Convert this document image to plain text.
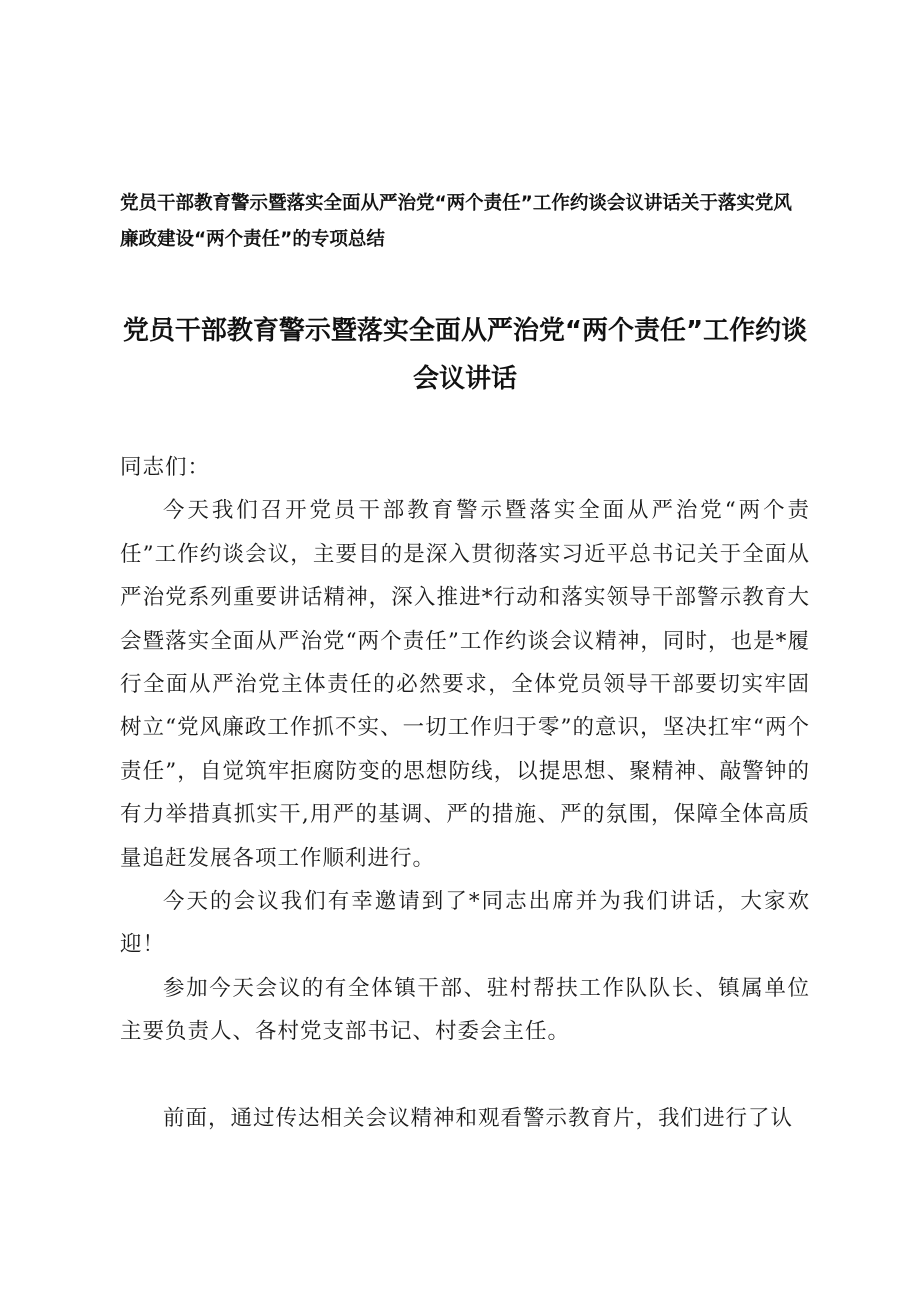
党员干部教育警示暨落实全面从严治党“两个责任”工作约谈会议讲话关于落实党风廉政建设“两个责任”的专项总结
党员干部教育警示暨落实全面从严治党“两个责任”工作约谈会议讲话

同志们：

今天我们召开党员干部教育警示暨落实全面从严治党“两个责任”工作约谈会议，主要目的是深入贯彻落实习近平总书记关于全面从严治党系列重要讲话精神，深入推进*行动和落实领导干部警示教育大会暨落实全面从严治党“两个责任”工作约谈会议精神，同时，也是*履行全面从严治党主体责任的必然要求，全体党员领导干部要切实牢固树立“党风廉政工作抓不实、一切工作归于零”的意识，坚决扛牢“两个责任”，自觉筑牢拒腐防变的思想防线，以提思想、聚精神、敲警钟的有力举措真抓实干,用严的基调、严的措施、严的氛围，保障全体高质量追赶发展各项工作顺利进行。

今天的会议我们有幸邀请到了*同志出席并为我们讲话，大家欢迎！

参加今天会议的有全体镇干部、驻村帮扶工作队队长、镇属单位主要负责人、各村党支部书记、村委会主任。

前面，通过传达相关会议精神和观看警示教育片，我们进行了认
